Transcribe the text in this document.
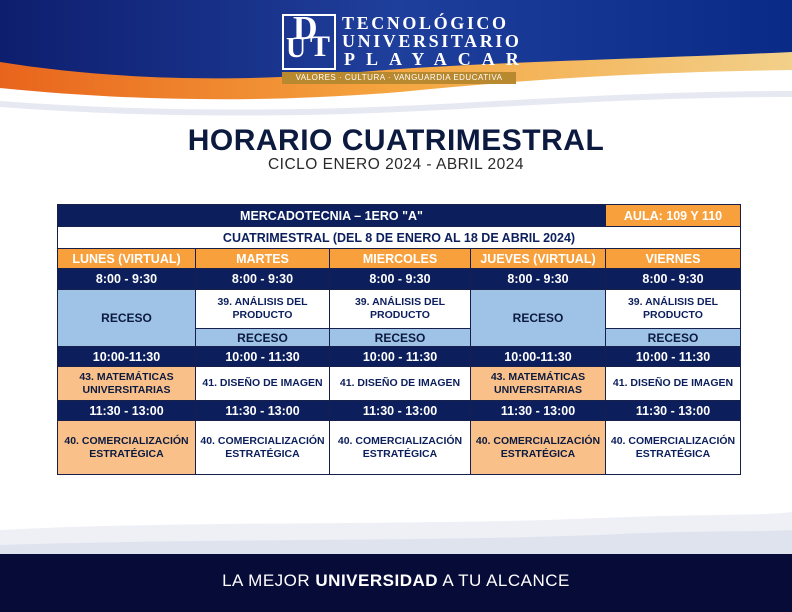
D
U T
TECNOLÓGICO
UNIVERSITARIO
PLAYACAR
VALORES · CULTURA · VANGUARDIA EDUCATIVA
HORARIO CUATRIMESTRAL
CICLO ENERO 2024 - ABRIL 2024
MERCADOTECNIA – 1ERO "A"				AULA: 109 Y 110
CUATRIMESTRAL (DEL 8 DE ENERO AL 18 DE ABRIL 2024)				
LUNES (VIRTUAL)	MARTES	MIERCOLES	JUEVES (VIRTUAL)	VIERNES
8:00 - 9:30	8:00 - 9:30	8:00 - 9:30	8:00 - 9:30	8:00 - 9:30
RECESO	39. ANÁLISIS DEL PRODUCTO	39. ANÁLISIS DEL PRODUCTO	RECESO	39. ANÁLISIS DEL PRODUCTO
	RECESO	RECESO		RECESO
10:00-11:30	10:00 - 11:30	10:00 - 11:30	10:00-11:30	10:00 - 11:30
43. MATEMÁTICAS UNIVERSITARIAS	41. DISEÑO DE IMAGEN	41. DISEÑO DE IMAGEN	43. MATEMÁTICAS UNIVERSITARIAS	41. DISEÑO DE IMAGEN
11:30 - 13:00	11:30 - 13:00	11:30 - 13:00	11:30 - 13:00	11:30 - 13:00
40. COMERCIALIZACIÓN ESTRATÉGICA	40. COMERCIALIZACIÓN ESTRATÉGICA	40. COMERCIALIZACIÓN ESTRATÉGICA	40. COMERCIALIZACIÓN ESTRATÉGICA	40. COMERCIALIZACIÓN ESTRATÉGICA
LA MEJOR UNIVERSIDAD A TU ALCANCE
